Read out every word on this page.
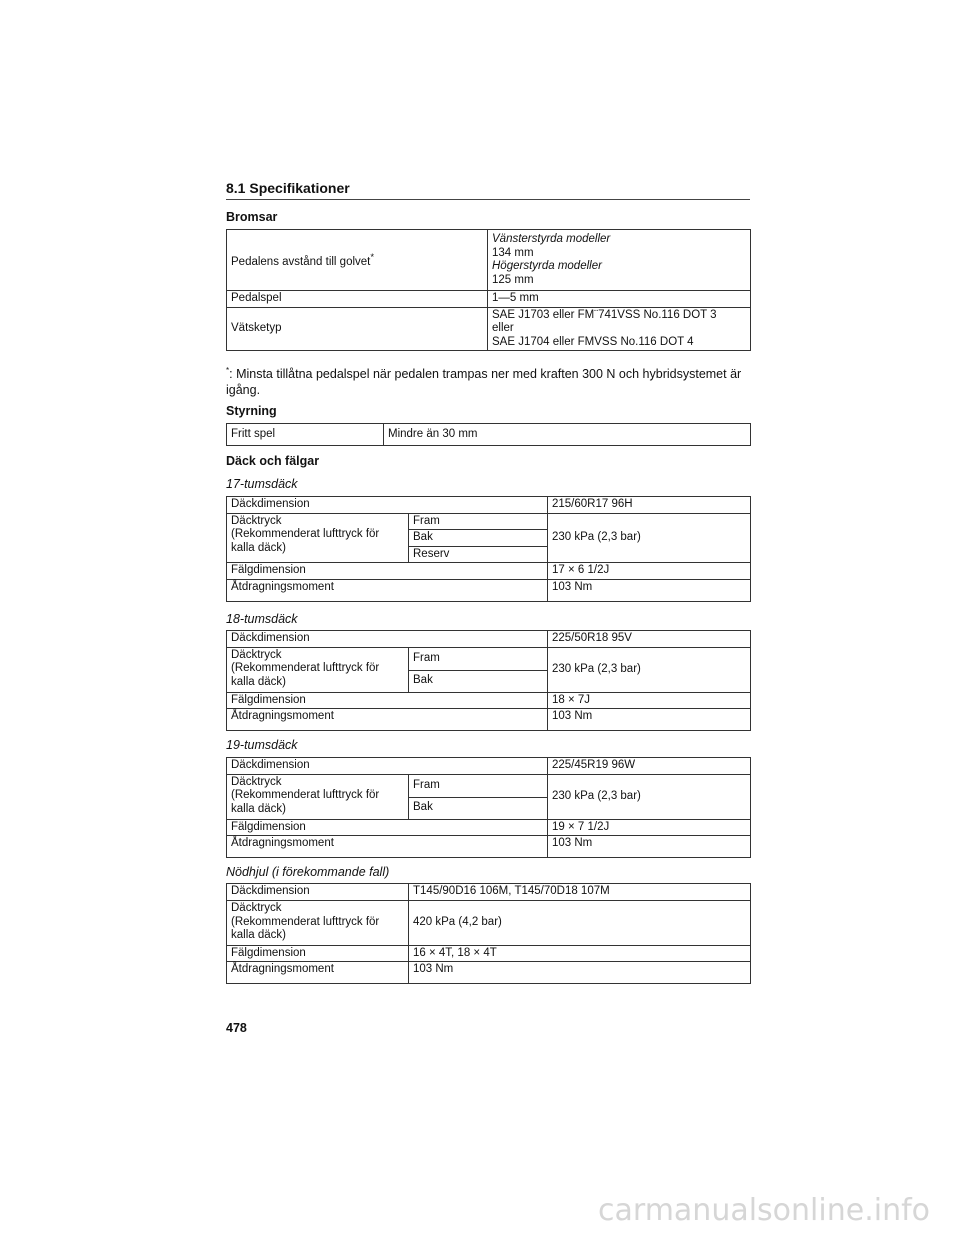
8.1 Specifikationer
Bromsar
Pedalens avstånd till golvet*	Vänsterstyrda modeller
134 mm
Högerstyrda modeller
125 mm

Pedalspel	1—5 mm
Vätsketyp	SAE J1703 eller FM¨741VSS No.116 DOT 3
eller
SAE J1704 eller FMVSS No.116 DOT 4
*: Minsta tillåtna pedalspel när pedalen trampas ner med kraften 300 N och hybridsystemet är igång.
Styrning
Fritt spel	Mindre än 30 mm
Däck och fälgar
17-tumsdäck
Däckdimension		215/60R17 96H
Däcktryck
(Rekommenderat lufttryck för
kalla däck)	Fram	230 kPa (2,3 bar)
	Bak	
	Reserv	
Fälgdimension		17 × 6 1/2J
Åtdragningsmoment		103 Nm
18-tumsdäck
Däckdimension		225/50R18 95V
Däcktryck
(Rekommenderat lufttryck för
kalla däck)	Fram	230 kPa (2,3 bar)
	Bak	
Fälgdimension		18 × 7J
Åtdragningsmoment		103 Nm
19-tumsdäck
Däckdimension		225/45R19 96W
Däcktryck
(Rekommenderat lufttryck för
kalla däck)	Fram	230 kPa (2,3 bar)
	Bak	
Fälgdimension		19 × 7 1/2J
Åtdragningsmoment		103 Nm
Nödhjul (i förekommande fall)
Däckdimension	T145/90D16 106M, T145/70D18 107M
Däcktryck
(Rekommenderat lufttryck för
kalla däck)	420 kPa (4,2 bar)
Fälgdimension	16 × 4T, 18 × 4T
Åtdragningsmoment	103 Nm
478
carmanualsonline.info
